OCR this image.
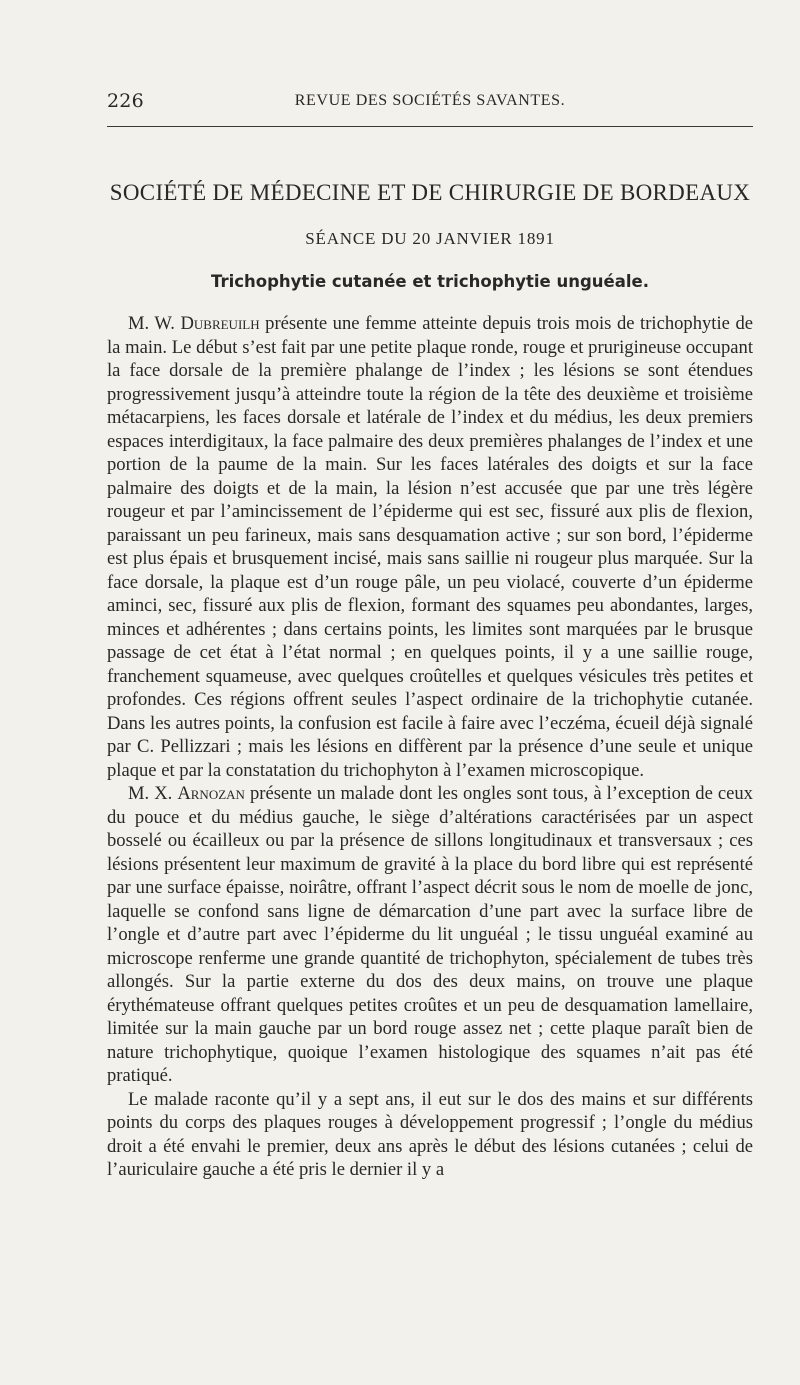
226	REVUE DES SOCIÉTÉS SAVANTES.
SOCIÉTÉ DE MÉDECINE ET DE CHIRURGIE DE BORDEAUX
SÉANCE DU 20 JANVIER 1891
Trichophytie cutanée et trichophytie unguéale.

M. W. Dubreuilh présente une femme atteinte depuis trois mois de trichophytie de la main. Le début s’est fait par une petite plaque ronde, rouge et prurigineuse occupant la face dorsale de la première phalange de l’index ; les lésions se sont étendues progressivement jusqu’à atteindre toute la région de la tête des deuxième et troisième métacarpiens, les faces dorsale et latérale de l’index et du médius, les deux premiers espaces interdigitaux, la face palmaire des deux premières phalanges de l’index et une portion de la paume de la main. Sur les faces latérales des doigts et sur la face palmaire des doigts et de la main, la lésion n’est accusée que par une très légère rougeur et par l’amincissement de l’épiderme qui est sec, fissuré aux plis de flexion, paraissant un peu farineux, mais sans desquamation active ; sur son bord, l’épiderme est plus épais et brusquement incisé, mais sans saillie ni rougeur plus marquée. Sur la face dorsale, la plaque est d’un rouge pâle, un peu violacé, couverte d’un épiderme aminci, sec, fissuré aux plis de flexion, formant des squames peu abondantes, larges, minces et adhérentes ; dans certains points, les limites sont marquées par le brusque passage de cet état à l’état normal ; en quelques points, il y a une saillie rouge, franchement squameuse, avec quelques croûtelles et quelques vésicules très petites et profondes. Ces régions offrent seules l’aspect ordinaire de la trichophytie cutanée. Dans les autres points, la confusion est facile à faire avec l’eczéma, écueil déjà signalé par C. Pellizzari ; mais les lésions en diffèrent par la présence d’une seule et unique plaque et par la constatation du trichophyton à l’examen microscopique.

M. X. Arnozan présente un malade dont les ongles sont tous, à l’exception de ceux du pouce et du médius gauche, le siège d’altérations caractérisées par un aspect bosselé ou écailleux ou par la présence de sillons longitudinaux et transversaux ; ces lésions présentent leur maximum de gravité à la place du bord libre qui est représenté par une surface épaisse, noirâtre, offrant l’aspect décrit sous le nom de moelle de jonc, laquelle se confond sans ligne de démarcation d’une part avec la surface libre de l’ongle et d’autre part avec l’épiderme du lit unguéal ; le tissu unguéal examiné au microscope renferme une grande quantité de trichophyton, spécialement de tubes très allongés. Sur la partie externe du dos des deux mains, on trouve une plaque érythémateuse offrant quelques petites croûtes et un peu de desquamation lamellaire, limitée sur la main gauche par un bord rouge assez net ; cette plaque paraît bien de nature trichophytique, quoique l’examen histologique des squames n’ait pas été pratiqué.

Le malade raconte qu’il y a sept ans, il eut sur le dos des mains et sur différents points du corps des plaques rouges à développement progressif ; l’ongle du médius droit a été envahi le premier, deux ans après le début des lésions cutanées ; celui de l’auriculaire gauche a été pris le dernier il y a
